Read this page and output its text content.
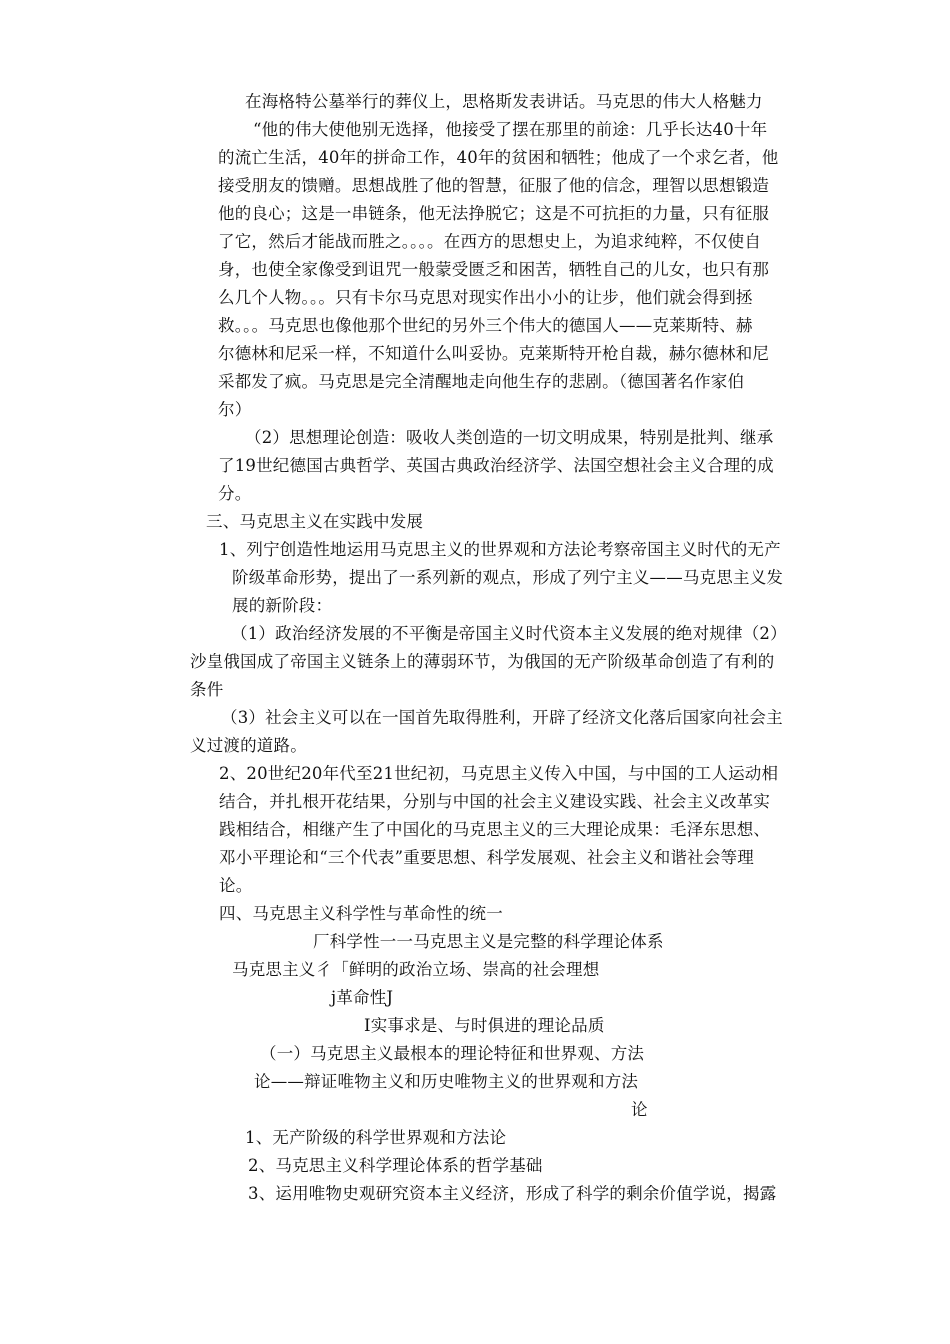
在海格特公墓举行的葬仪上，思格斯发表讲话。马克思的伟大人格魅力
“他的伟大使他别无选择，他接受了摆在那里的前途：几乎长达40十年
的流亡生活，40年的拼命工作，40年的贫困和牺牲；他成了一个求乞者，他
接受朋友的馈赠。思想战胜了他的智慧，征服了他的信念，理智以思想锻造
他的良心；这是一串链条，他无法挣脱它；这是不可抗拒的力量，只有征服
了它，然后才能战而胜之。。。。在西方的思想史上，为追求纯粹，不仅使自
身，也使全家像受到诅咒一般蒙受匮乏和困苦，牺牲自己的儿女，也只有那
么几个人物。。。只有卡尔马克思对现实作出小小的让步，他们就会得到拯
救。。。马克思也像他那个世纪的另外三个伟大的德国人——克莱斯特、赫
尔德林和尼采一样，不知道什么叫妥协。克莱斯特开枪自裁，赫尔德林和尼
采都发了疯。马克思是完全清醒地走向他生存的悲剧。（德国著名作家伯
尔）
（2）思想理论创造：吸收人类创造的一切文明成果，特别是批判、继承
了19世纪德国古典哲学、英国古典政治经济学、法国空想社会主义合理的成
分。
三、马克思主义在实践中发展
1、列宁创造性地运用马克思主义的世界观和方法论考察帝国主义时代的无产
阶级革命形势，提出了一系列新的观点，形成了列宁主义——马克思主义发
展的新阶段：
（1）政治经济发展的不平衡是帝国主义时代资本主义发展的绝对规律（2）
沙皇俄国成了帝国主义链条上的薄弱环节，为俄国的无产阶级革命创造了有利的
条件
（3）社会主义可以在一国首先取得胜利，开辟了经济文化落后国家向社会主
义过渡的道路。
2、20世纪20年代至21世纪初，马克思主义传入中国，与中国的工人运动相
结合，并扎根开花结果，分别与中国的社会主义建设实践、社会主义改革实
践相结合，相继产生了中国化的马克思主义的三大理论成果：毛泽东思想、
邓小平理论和“三个代表”重要思想、科学发展观、社会主义和谐社会等理
论。
四、马克思主义科学性与革命性的统一
厂科学性一一马克思主义是完整的科学理论体系
马克思主义彳「鲜明的政治立场、崇高的社会理想
j革命性J
I实事求是、与时俱进的理论品质
（一）马克思主义最根本的理论特征和世界观、方法
论——辩证唯物主义和历史唯物主义的世界观和方法
论
1、无产阶级的科学世界观和方法论
2、马克思主义科学理论体系的哲学基础
3、运用唯物史观研究资本主义经济，形成了科学的剩余价值学说，揭露
